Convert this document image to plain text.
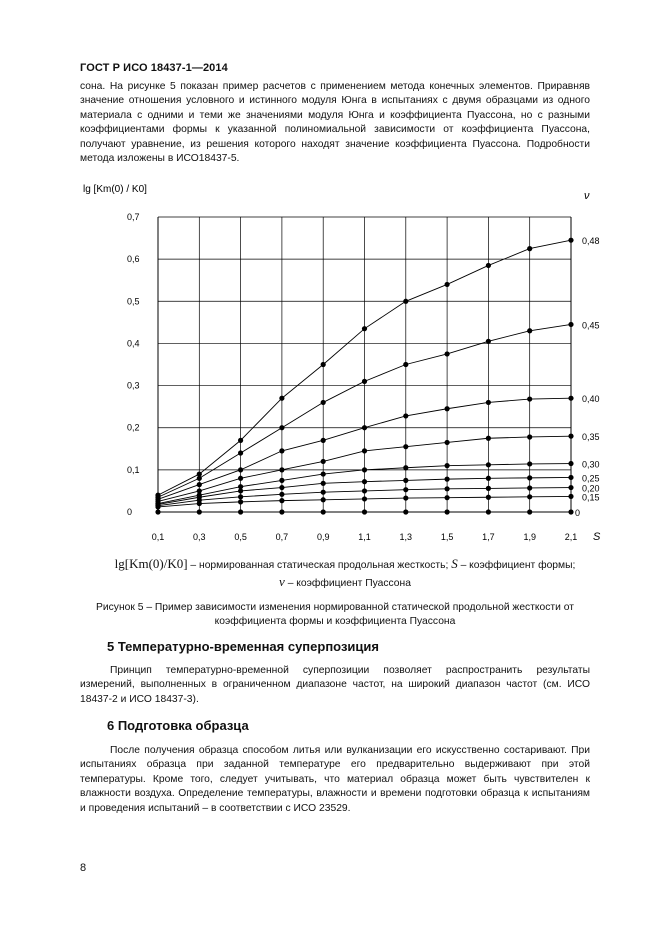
ГОСТ Р ИСО 18437-1—2014

сона. На рисунке 5 показан пример расчетов с применением метода конечных элементов. Приравняв значение отношения условного и истинного модуля Юнга в испытаниях с двумя образцами из одного материала с одними и теми же значениями модуля Юнга и коэффициента Пуассона, но с разными коэффициентами формы к указанной полиномиальной зависимости от коэффициента Пуассона, получают уравнение, из решения которого находят значение коэффициента Пуассона. Подробности метода изложены в ИСО18437-5.

0,48
0,45
0,40
0,35
0,30
0,25
0,20
0,15
0
0,1	0,3	0,5	0,7	0,9	1,1	1,3	1,5	1,7	1,9	2,1
0
0,1
0,2
0,3
0,4
0,5
0,6
0,7
lg [Km(0) / K0]
ν
S
lg[Km(0)/K0] – нормированная статическая продольная жесткость; S – коэффициент формы;
ν – коэффициент Пуассона
Рисунок 5 – Пример зависимости изменения нормированной статической продольной жесткости от коэффициента формы и коэффициента Пуассона
5 Температурно-временная суперпозиция

Принцип температурно-временной суперпозиции позволяет распространить результаты измерений, выполненных в ограниченном диапазоне частот, на широкий диапазон частот (см. ИСО 18437-2 и ИСО 18437-3).

6 Подготовка образца

После получения образца способом литья или вулканизации его искусственно состаривают. При испытаниях образца при заданной температуре его предварительно выдерживают при этой температуры. Кроме того, следует учитывать, что материал образца может быть чувствителен к влажности воздуха. Определение температуры, влажности и времени подготовки образца к испытаниям и проведения испытаний – в соответствии с ИСО 23529.

8
